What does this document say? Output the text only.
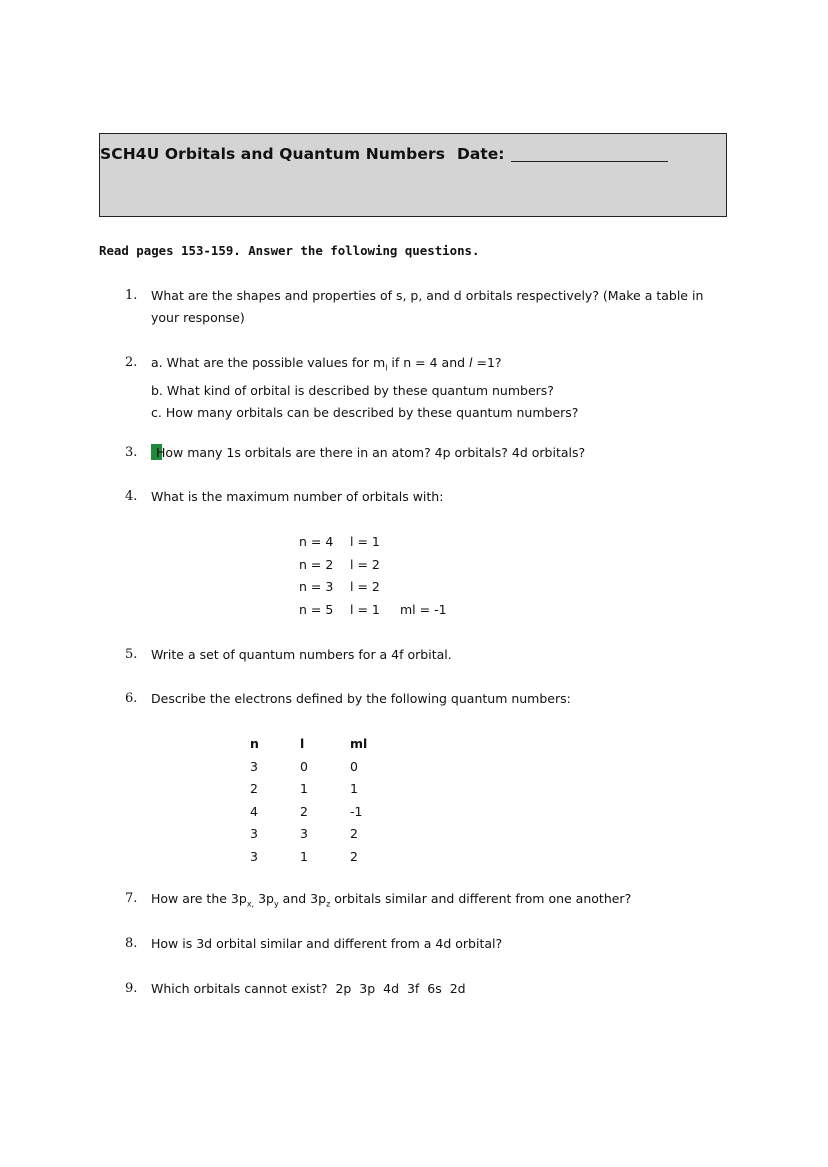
SCH4U Orbitals and Quantum Numbers Date:
Read pages 153-159. Answer the following questions.
1. What are the shapes and properties of s, p, and d orbitals respectively? (Make a table in
your response)
2. a. What are the possible values for $m_l$ if n = 4 and l =1?
b. What kind of orbital is described by these quantum numbers?
c. How many orbitals can be described by these quantum numbers?
3.	How many 1s orbitals are there in an atom? 4p orbitals? 4d orbitals?
4. What is the maximum number of orbitals with:
n = 4 l = 1
n = 2 l = 2
n = 3 l = 2
n = 5 l = 1 ml = -1
5. Write a set of quantum numbers for a 4f orbital.
6. Describe the electrons defined by the following quantum numbers:
n	l	ml
3	0	0
2	1	1
4	2	-1
3	3	2
3	1	2
7. How are the $3p_{x,}$ $3p_y$ and $3p_z$ orbitals similar and different from one another?
8. How is 3d orbital similar and different from a 4d orbital?
9. Which orbitals cannot exist?  2p  3p  4d  3f  6s  2d
